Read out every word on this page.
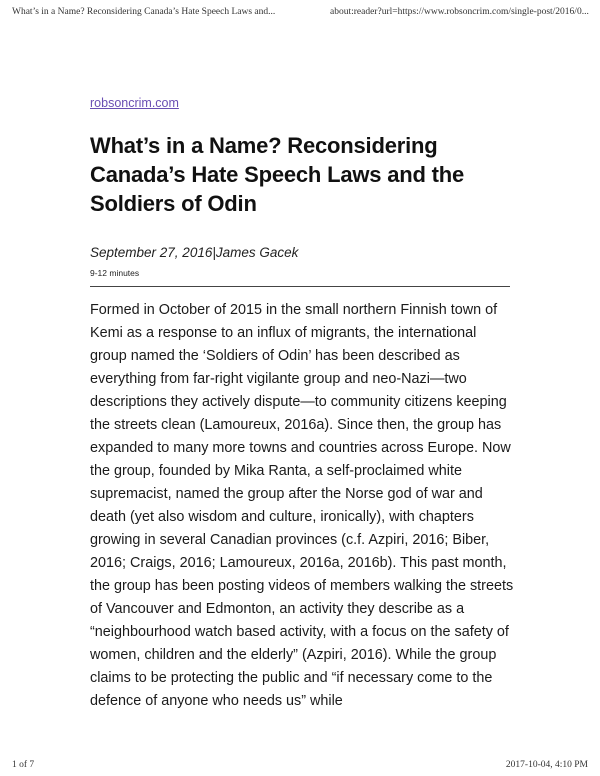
What’s in a Name? Reconsidering Canada’s Hate Speech Laws and...	about:reader?url=https://www.robsoncrim.com/single-post/2016/0...
robsoncrim.com
What’s in a Name? Reconsidering Canada’s Hate Speech Laws and the Soldiers of Odin
September 27, 2016|James Gacek
9-12 minutes

Formed in October of 2015 in the small northern Finnish town of Kemi as a response to an influx of migrants, the international group named the ‘Soldiers of Odin’ has been described as everything from far-right vigilante group and neo-Nazi—two descriptions they actively dispute—to community citizens keeping the streets clean (Lamoureux, 2016a). Since then, the group has expanded to many more towns and countries across Europe. Now the group, founded by Mika Ranta, a self-proclaimed white supremacist, named the group after the Norse god of war and death (yet also wisdom and culture, ironically), with chapters growing in several Canadian provinces (c.f. Azpiri, 2016; Biber, 2016; Craigs, 2016; Lamoureux, 2016a, 2016b). This past month, the group has been posting videos of members walking the streets of Vancouver and Edmonton, an activity they describe as a “neighbourhood watch based activity, with a focus on the safety of women, children and the elderly” (Azpiri, 2016). While the group claims to be protecting the public and “if necessary come to the defence of anyone who needs us” while

1 of 7	2017-10-04, 4:10 PM
